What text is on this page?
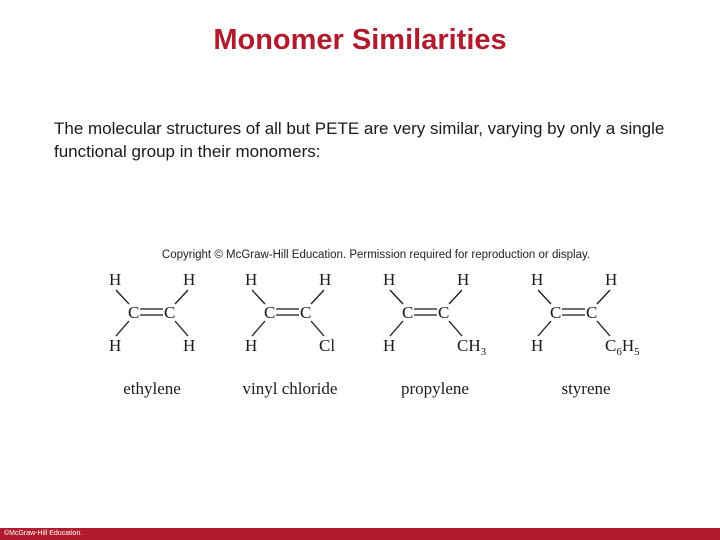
Monomer Similarities
The molecular structures of all but PETE are very similar, varying by only a single functional group in their monomers:
Copyright © McGraw-Hill Education. Permission required for reproduction or display.
H	H
C C
H	H
ethylene
H	H
C C
H	Cl
vinyl chloride
H	H
C C
H	$CH_3$
propylene
H	H
C C
H	$C_6H_5$
styrene
©McGraw-Hill Education.
